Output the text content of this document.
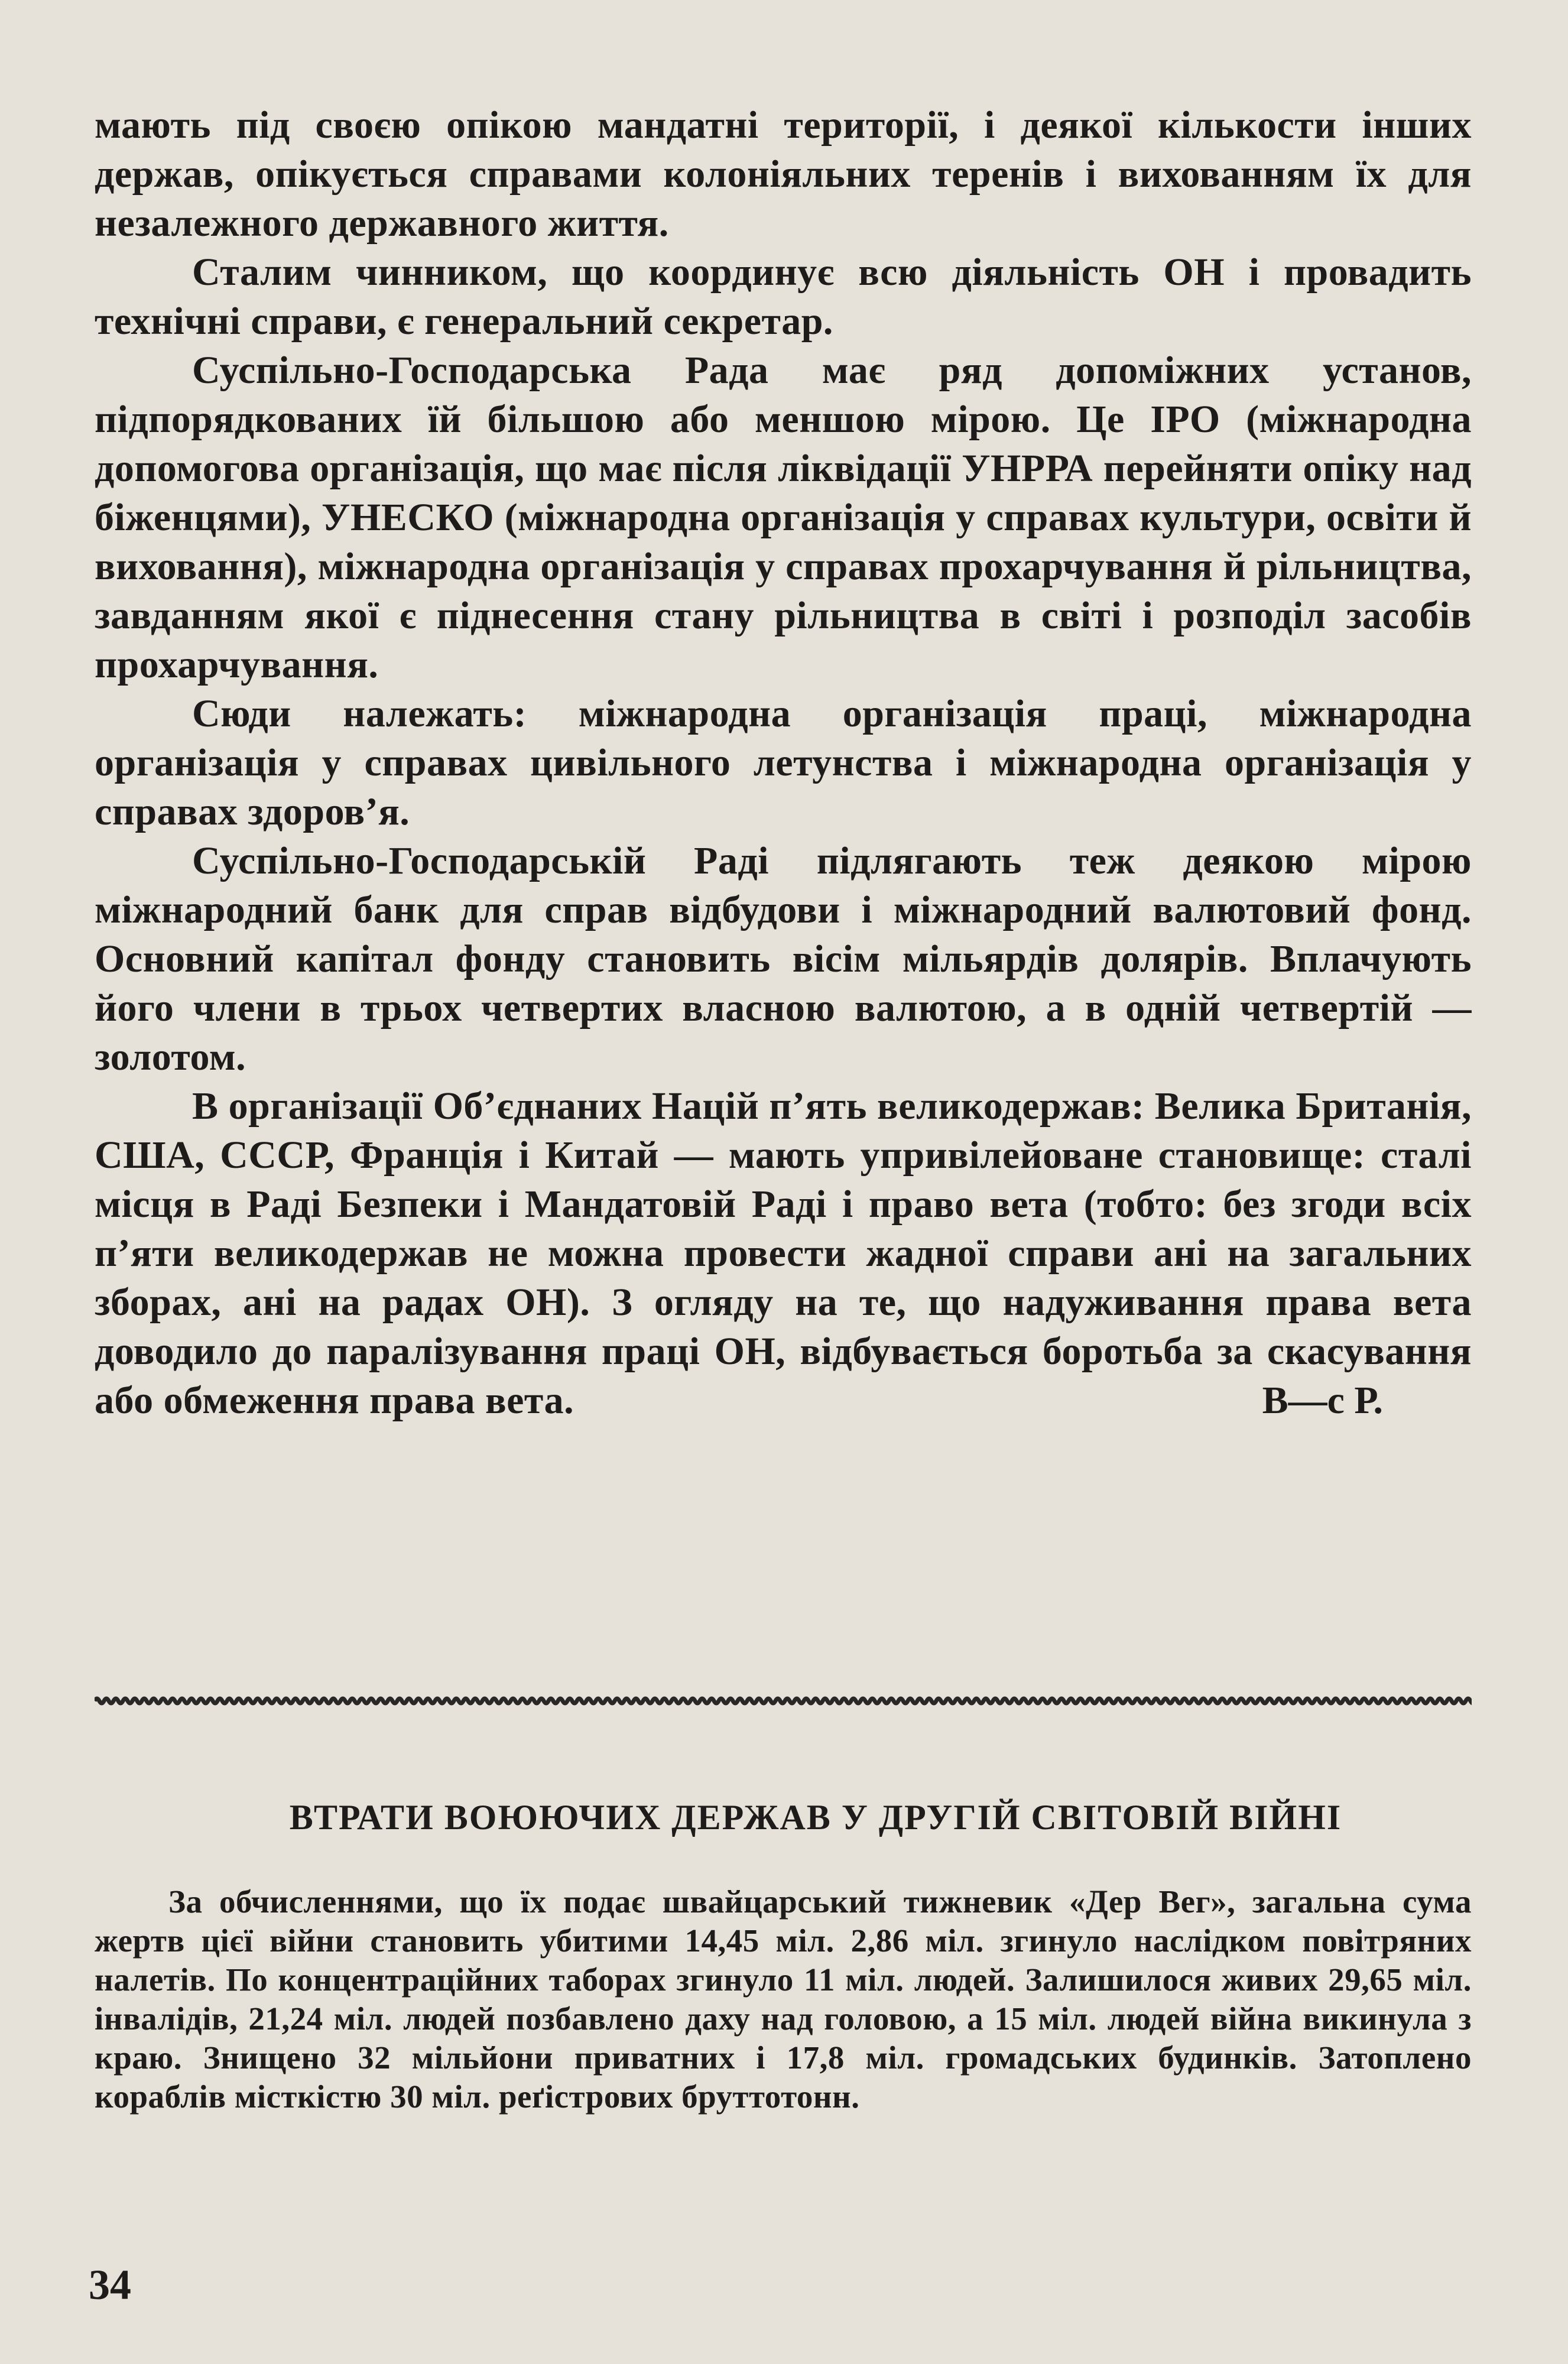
мають під своєю опікою мандатні території, і деякої кількости інших держав, опікується справами колоніяльних теренів і вихованням їх для незалежного державного життя.

Сталим чинником, що координує всю діяльність ОН і провадить технічні справи, є генеральний секретар.

Суспільно-Господарська Рада має ряд допоміжних установ, підпорядкованих їй більшою або меншою мірою. Це ІРО (міжнародна допомогова організація, що має після ліквідації УНРРА перейняти опіку над біженцями), УНЕСКО (міжнародна організація у справах культури, освіти й виховання), міжнародна організація у справах прохарчування й рільництва, завданням якої є піднесення стану рільництва в світі і розподіл засобів прохарчування.

Сюди належать: міжнародна організація праці, міжнародна організація у справах цивільного летунства і міжнародна організація у справах здоров’я.

Суспільно-Господарській Раді підлягають теж деякою мірою міжнародний банк для справ відбудови і міжнародний валютовий фонд. Основний капітал фонду становить вісім мільярдів долярів. Вплачують його члени в трьох четвертих власною валютою, а в одній четвертій — золотом.

В організації Об’єднаних Націй п’ять великодержав: Велика Британія, США, СССР, Франція і Китай — мають упривілейоване становище: сталі місця в Раді Безпеки і Мандатовій Раді і право вета (тобто: без згоди всіх п’яти великодержав не можна провести жадної справи ані на загальних зборах, ані на радах ОН). З огляду на те, що надуживання права вета доводило до паралізування праці ОН, відбувається боротьба за скасування або обмеження права вета.	В—с Р.
ВТРАТИ ВОЮЮЧИХ ДЕРЖАВ У ДРУГІЙ СВІТОВІЙ ВІЙНІ

За обчисленнями, що їх подає швайцарський тижневик «Дер Вег», загальна сума жертв цієї війни становить убитими 14,45 міл. 2,86 міл. згинуло наслідком повітряних налетів. По концентраційних таборах згинуло 11 міл. людей. Залишилося живих 29,65 міл. інвалідів, 21,24 міл. людей позбавлено даху над головою, а 15 міл. людей війна викинула з краю. Знищено 32 мільйони приватних і 17,8 міл. громадських будинків. Затоплено кораблів місткістю 30 міл. реґістрових бруттотонн.

34
